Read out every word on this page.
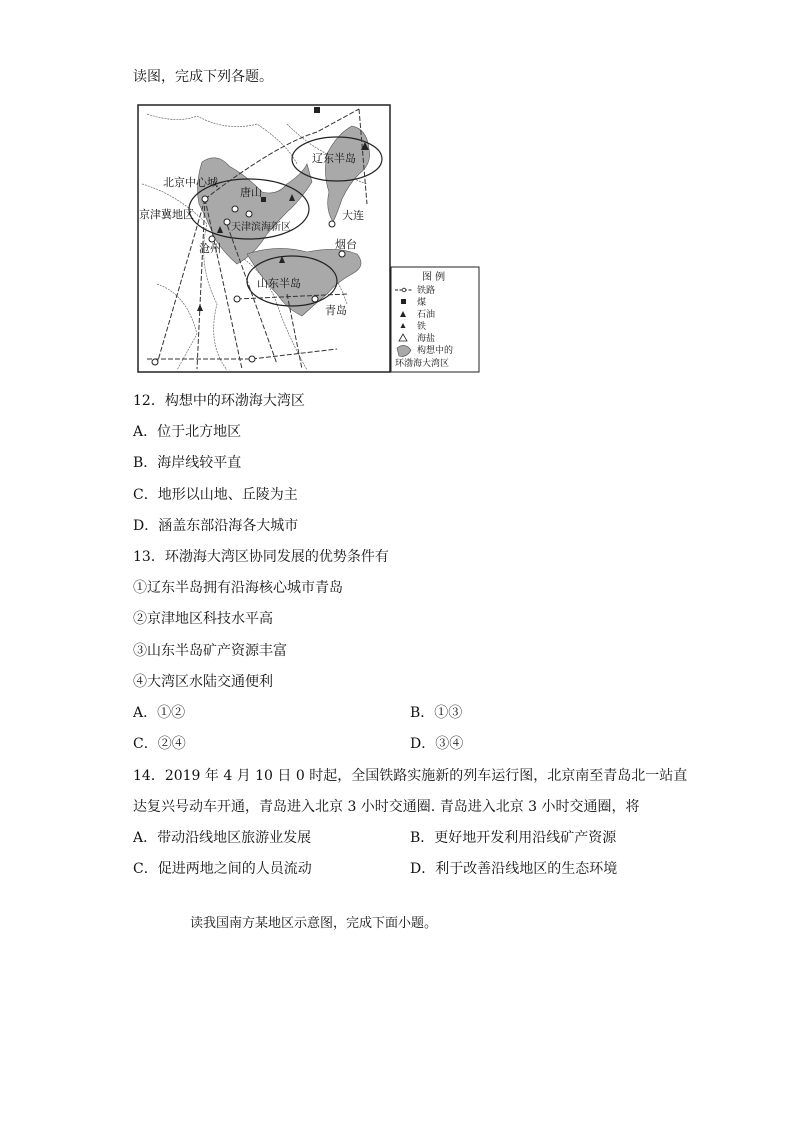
读图，完成下列各题。
北京中心城
京津冀地区
唐山
天津滨海新区
沧州
辽东半岛
大连
烟台
山东半岛
青岛
图 例
铁路
煤
石油
铁
海盐
构想中的
环渤海大湾区
12．构想中的环渤海大湾区
A．位于北方地区
B．海岸线较平直
C．地形以山地、丘陵为主
D．涵盖东部沿海各大城市
13．环渤海大湾区协同发展的优势条件有
①辽东半岛拥有沿海核心城市青岛
②京津地区科技水平高
③山东半岛矿产资源丰富
④大湾区水陆交通便利
A．①②	B．①③
C．②④	D．③④
14．2019 年 4 月 10 日 0 时起，全国铁路实施新的列车运行图，北京南至青岛北一站直
达复兴号动车开通，青岛进入北京 3 小时交通圈. 青岛进入北京 3 小时交通圈，将
A．带动沿线地区旅游业发展	B．更好地开发利用沿线矿产资源
C．促进两地之间的人员流动	D．利于改善沿线地区的生态环境
读我国南方某地区示意图，完成下面小题。
